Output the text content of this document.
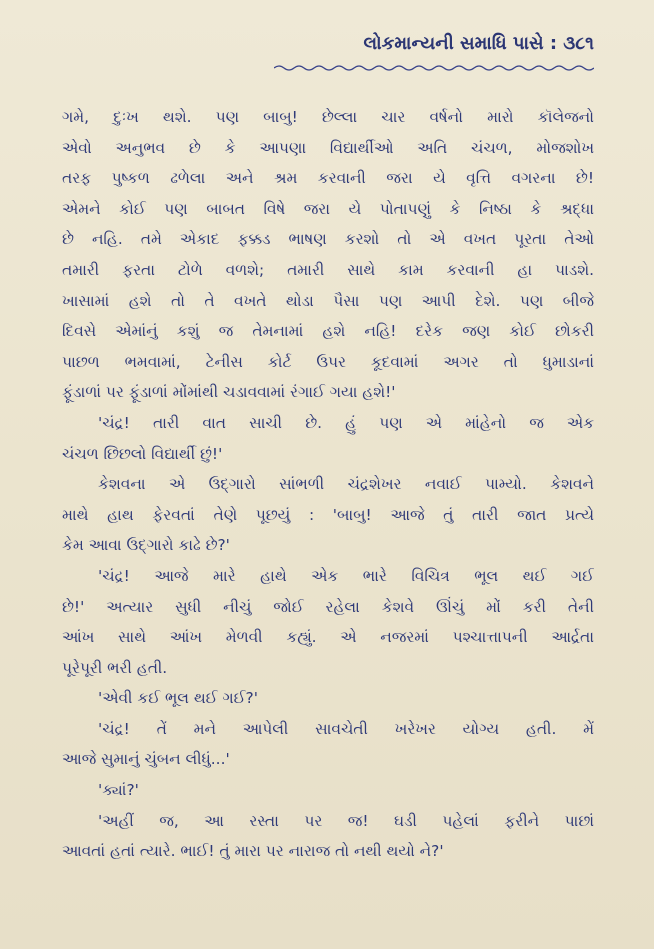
લોકમાન્યની સમાધિ પાસે : ૩૮૧

ગમે, દુઃખ થશે. પણ બાબુ! છેલ્લા ચાર વર્ષનો મારો કૉલેજનો
એવો અનુભવ છે કે આપણા વિદ્યાર્થીઓ અતિ ચંચળ, મોજશોખ
તરફ પુષ્કળ ઢળેલા અને શ્રમ કરવાની જરા યે વૃત્તિ વગરના છે!
એમને કોઈ પણ બાબત વિષે જરા યે પોતાપણું કે નિષ્ઠા કે શ્રદ્ધા
છે નહિ. તમે એકાદ ફક્કડ ભાષણ કરશો તો એ વખત પૂરતા તેઓ
તમારી ફરતા ટોળે વળશે; તમારી સાથે કામ કરવાની હા પાડશે.
ખાસામાં હશે તો તે વખતે થોડા પૈસા પણ આપી દેશે. પણ બીજે
દિવસે એમાંનું કશું જ તેમનામાં હશે નહિ! દરેક જણ કોઈ છોકરી
પાછળ ભમવામાં, ટેનીસ કોર્ટ ઉપર કૂદવામાં અગર તો ધુમાડાનાં
ફૂંડાળાં પર ફૂંડાળાં મોંમાંથી ચડાવવામાં રંગાઈ ગયા હશે!'

'ચંદ્ર! તારી વાત સાચી છે. હું પણ એ માંહેનો જ એક
ચંચળ છિછલો વિદ્યાર્થી છું!'

કેશવના એ ઉદ્ગારો સાંભળી ચંદ્રશેખર નવાઈ પામ્યો. કેશવને
માથે હાથ ફેરવતાં તેણે પૂછયું : 'બાબુ! આજે તું તારી જાત પ્રત્યે
કેમ આવા ઉદ્ગારો કાઢે છે?'

'ચંદ્ર! આજે મારે હાથે એક ભારે વિચિત્ર ભૂલ થઈ ગઈ
છે!' અત્યાર સુધી નીચું જોઈ રહેલા કેશવે ઊંચું મોં કરી તેની
આંખ સાથે આંખ મેળવી કહ્યું. એ નજરમાં પશ્ચાત્તાપની આર્દ્રતા
પૂરેપૂરી ભરી હતી.

'એવી કઈ ભૂલ થઈ ગઈ?'

'ચંદ્ર! તેં મને આપેલી સાવચેતી ખરેખર યોગ્ય હતી. મેં
આજે સુમાનું ચુંબન લીધું...'

'ક્યાં?'

'અહીં જ, આ રસ્તા પર જ! ઘડી પહેલાં ફરીને પાછાં
આવતાં હતાં ત્યારે. ભાઈ! તું મારા પર નારાજ તો નથી થયો ને?'
